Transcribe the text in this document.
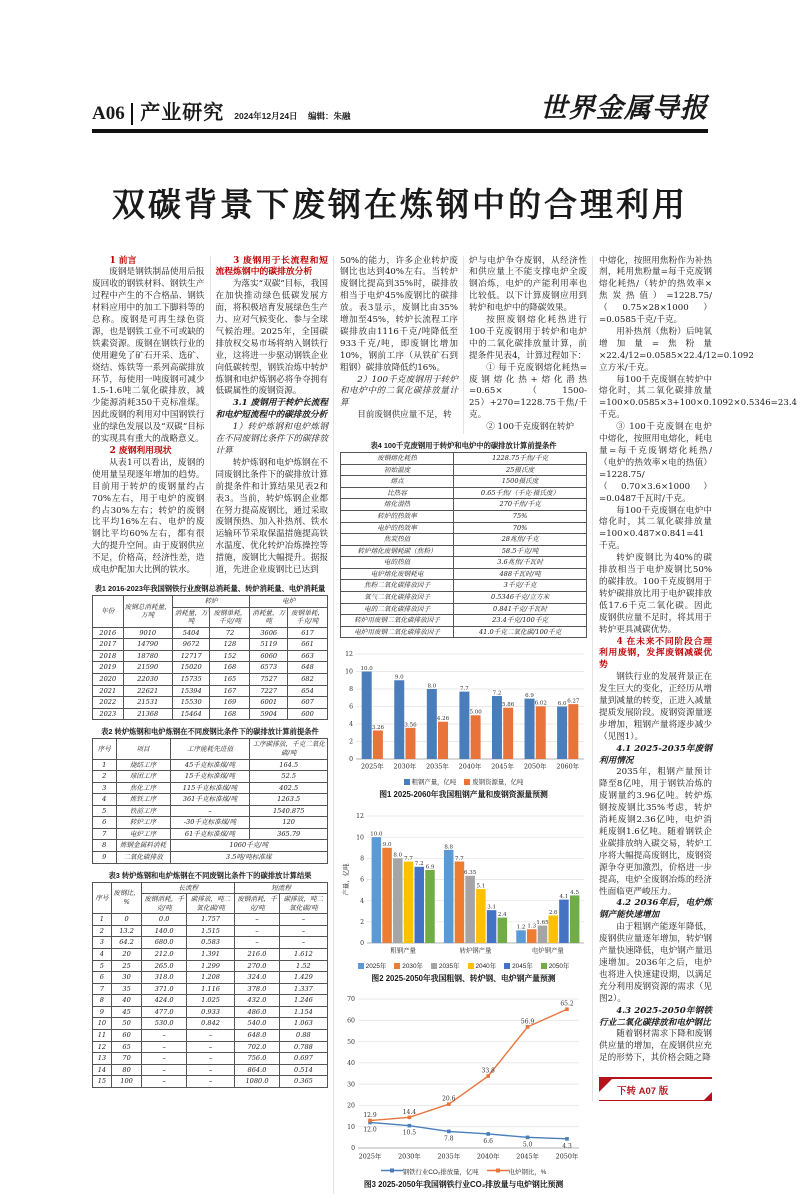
A06 产业研究 2024年12月24日 编辑：朱融	世界金属导报
双碳背景下废钢在炼钢中的合理利用
1 前言
废钢是钢铁制品使用后报废回收的钢铁材料、钢铁生产过程中产生的不合格品、钢铁材料应用中的加工下脚料等的总称。废钢是可再生绿色资源，也是钢铁工业不可或缺的铁素资源。废钢在钢铁行业的使用避免了矿石开采、选矿、烧结、炼铁等一系列高碳排放环节，每使用一吨废钢可减少1.5-1.6吨二氧化碳排放，减少能源消耗350千克标准煤。因此废钢的利用对中国钢铁行业的绿色发展以及“双碳”目标的实现具有重大的战略意义。
2 废钢利用现状
从表1可以看出，废钢的使用量呈现逐年增加的趋势。目前用于转炉的废钢量约占70%左右，用于电炉的废钢约占30%左右；转炉的废钢比平均16%左右、电炉的废钢比平均60%左右，都有很大的提升空间。由于废钢供应不足，价格高，经济性差，造成电炉配加大比例的铁水。
3 废钢用于长流程和短流程炼钢中的碳排放分析
为落实“双碳”目标，我国在加快推动绿色低碳发展方面，将积极培育发展绿色生产力、应对气候变化、参与全球气候治理。2025年，全国碳排放权交易市场将纳入钢铁行业，这将进一步驱动钢铁企业向低碳转型，钢铁冶炼中转炉炼钢和电炉炼钢必将争夺拥有低碳属性的废钢资源。
3.1 废钢用于转炉长流程和电炉短流程中的碳排放分析
1）转炉炼钢和电炉炼钢在不同废钢比条件下的碳排放计算
转炉炼钢和电炉炼钢在不同废钢比条件下的碳排放计算前提条件和计算结果见表2和表3。当前，转炉炼钢企业都在努力提高废钢比，通过采取废钢预热、加入补热剂、铁水运输环节采取保温措施提高铁水温度、优化转炉冶炼操控等措施，废钢比大幅提升。据报道，先进企业废钢比已达到
表1 2016-2023年我国钢铁行业废钢总消耗量、转炉消耗量、电炉消耗量
年份	废钢总消耗量，万吨	转炉		电炉	
		消耗量，万吨	废钢单耗，千克/吨	消耗量，万吨	废钢单耗，千克/吨
2016	9010	5404	72	3606	617
2017	14790	9672	128	5119	661
2018	18780	12717	152	6060	663
2019	21590	15020	168	6573	648
2020	22030	15735	165	7527	682
2021	22621	15394	167	7227	654
2022	21531	15530	169	6001	607
2023	21368	15464	168	5904	600
表2 转炉炼钢和电炉炼钢在不同废钢比条件下的碳排放计算前提条件
序号	项目	工序能耗先进值	工序碳排放，千克二氧化碳/吨
1	烧结工序	45千克标准煤/吨	164.5
2	球团工序	15千克标准煤/吨	52.5
3	焦化工序	115千克标准煤/吨	402.5
4	炼铁工序	361千克标准煤/吨	1263.5
5	铁前工序	–	1540.875
6	转炉工序	-30千克标准煤/吨	120
7	电炉工序	61千克标准煤/吨	365.79
8	炼钢金属料消耗	1060千克/吨	
9	二氧化碳排放	3.5吨/吨标准煤	
表3 转炉炼钢和电炉炼钢在不同废钢比条件下的碳排放计算结果
序号	废钢比，%	长流程		短流程	
		废钢消耗，千克/吨	碳排放，吨二氧化碳/吨	废钢消耗，千克/吨	碳排放，吨二氧化碳/吨
1	0	0.0	1.757	–	–
2	13.2	140.0	1.515	–	–
3	64.2	680.0	0.583	–	–
4	20	212.0	1.391	216.0	1.612
5	25	265.0	1.299	270.0	1.52
6	30	318.0	1.208	324.0	1.429
7	35	371.0	1.116	378.0	1.337
8	40	424.0	1.025	432.0	1.246
9	45	477.0	0.933	486.0	1.154
10	50	530.0	0.842	540.0	1.063
11	60	–	–	648.0	0.88
12	65	–	–	702.0	0.788
13	70	–	–	756.0	0.697
14	80	–	–	864.0	0.514
15	100	–	–	1080.0	0.365
50%的能力，许多企业转炉废钢比也达到40%左右。当转炉废钢比提高到35%时，碳排放相当于电炉45%废钢比的碳排放。表3显示，废钢比由35%增加至45%，转炉长流程工序碳排放由1116千克/吨降低至933千克/吨，即废钢比增加10%，钢前工序（从铁矿石到粗钢）碳排放降低约16%。
2）100千克废钢用于转炉和电炉中的二氧化碳排放量计算
目前废钢供应量不足，转
炉与电炉争夺废钢，从经济性和供应量上不能支撑电炉全废钢冶炼，电炉的产能利用率也比较低。以下计算废钢应用到转炉和电炉中的降碳效果。
按照废钢熔化耗热进行100千克废钢用于转炉和电炉中的二氧化碳排放量计算，前提条件见表4，计算过程如下：
① 每千克废钢熔化耗热=废钢熔化热+熔化潜热=0.65×（1500-25）+270=1228.75千焦/千克。
② 100千克废钢在转炉
表4 100千克废钢用于转炉和电炉中的碳排放计算前提条件
废钢熔化耗热	1228.75千焦/千克
初始温度	25摄氏度
熔点	1500摄氏度
比热容	0.65千焦/（千克·摄氏度）
熔化潜热	270千焦/千克
转炉的热效率	75%
电炉的热效率	70%
焦炭热值	28兆焦/千克
转炉熔化废钢耗碳（焦粉）	58.5千克/吨
电的热值	3.6兆焦/千瓦时
电炉熔化废钢耗电	488千瓦时/吨
焦粉二氧化碳排放因子	3千克/千克
氧气二氧化碳排放因子	0.5346千克/立方米
电的二氧化碳排放因子	0.841千克/千瓦时
转炉用废钢二氧化碳排放因子	23.4千克/100千克
电炉用废钢二氧化碳排放因子	41.0千克二氧化碳/100千克
0
2
4
6
8
10
12
10.0
3.26
2025年
9.0
3.56
2030年
8.0
4.26
2035年
7.7
5.00
2040年
7.2
5.86
2045年
6.9
6.02
2050年
6.0 6.27
2060年
粗钢产量，亿吨	废钢资源量，亿吨
图1 2025-2060年我国粗钢产量和废钢资源量预测
0
2
4
6
8
10
12
10.0
9.0
8.0
7.7
7.2
6.9
粗钢产量
8.8
7.7
6.35
5.1
3.1
2.4
转炉钢产量
1.2 1.3
1.65
2.6
4.1
4.5
电炉钢产量
产量，亿吨
2025年	2030年	2035年	2040年	2045年	2050年
图2 2025-2050年我国粗钢、转炉钢、电炉钢产量预测
0
10
20
30
40
50
60
70
2025年	2030年	2035年	2040年	2045年	2050年
12.0	10.5
7.8	6.6	5.0	4.3
12.9	14.4
20.6
33.8
56.9
65.2
钢铁行业CO₂排放量，亿吨	电炉钢比，%
图3 2025-2050年我国钢铁行业CO₂排放量与电炉钢比预测
中熔化，按照用焦粉作为补热剂，耗用焦粉量=每千克废钢熔化耗热/（转炉的热效率×焦炭热值）=1228.75/（0.75×28×1000）=0.0585千克/千克。
用补热剂（焦粉）后吨氧增加量=焦粉量×22.4/12=0.0585×22.4/12=0.1092立方米/千克。
每100千克废钢在转炉中熔化时，其二氧化碳排放量=100×0.0585×3+100×0.1092×0.5346=23.4千克。
③ 100千克废钢在电炉中熔化，按照用电熔化，耗电量=每千克废钢熔化耗热/（电炉的热效率×电的热值）=1228.75/（0.70×3.6×1000）=0.0487千瓦时/千克。
每100千克废钢在电炉中熔化时，其二氧化碳排放量=100×0.487×0.841=41千克。
转炉废钢比为40%的碳排放相当于电炉废钢比50%的碳排放。100千克废钢用于转炉碳排放比用于电炉碳排放低17.6千克二氧化碳。因此废钢供应量不足时，将其用于转炉更具减碳优势。
4 在未来不同阶段合理利用废钢，发挥废钢减碳优势
钢铁行业的发展背景正在发生巨大的变化，正经历从增量到减量的转变，正进入减量提质发展阶段。废钢资源量逐步增加，粗钢产量将逐步减少（见图1）。
4.1 2025-2035年废钢利用情况
2035年，粗钢产量预计降至8亿吨，用于钢铁冶炼的废钢量约3.96亿吨。转炉炼钢按废钢比35%考虑，转炉消耗废钢2.36亿吨，电炉消耗废钢1.6亿吨。随着钢铁企业碳排放纳入碳交易，转炉工序将大幅提高废钢比，废钢资源争夺更加激烈，价格进一步提高，电炉全废钢冶炼的经济性面临更严峻压力。
4.2 2036年后，电炉炼钢产能快速增加
由于粗钢产能逐年降低，废钢供应量逐年增加，转炉钢产量快速降低，电炉钢产量迅速增加。2036年之后，电炉也将进入快速建设期，以满足充分利用废钢资源的需求（见图2）。
4.3 2025-2050年钢铁行业二氧化碳排放和电炉钢比
随着钢材需求下降和废钢供应量的增加，在废钢供应充足的形势下，其价格会随之降
下转 A07 版
